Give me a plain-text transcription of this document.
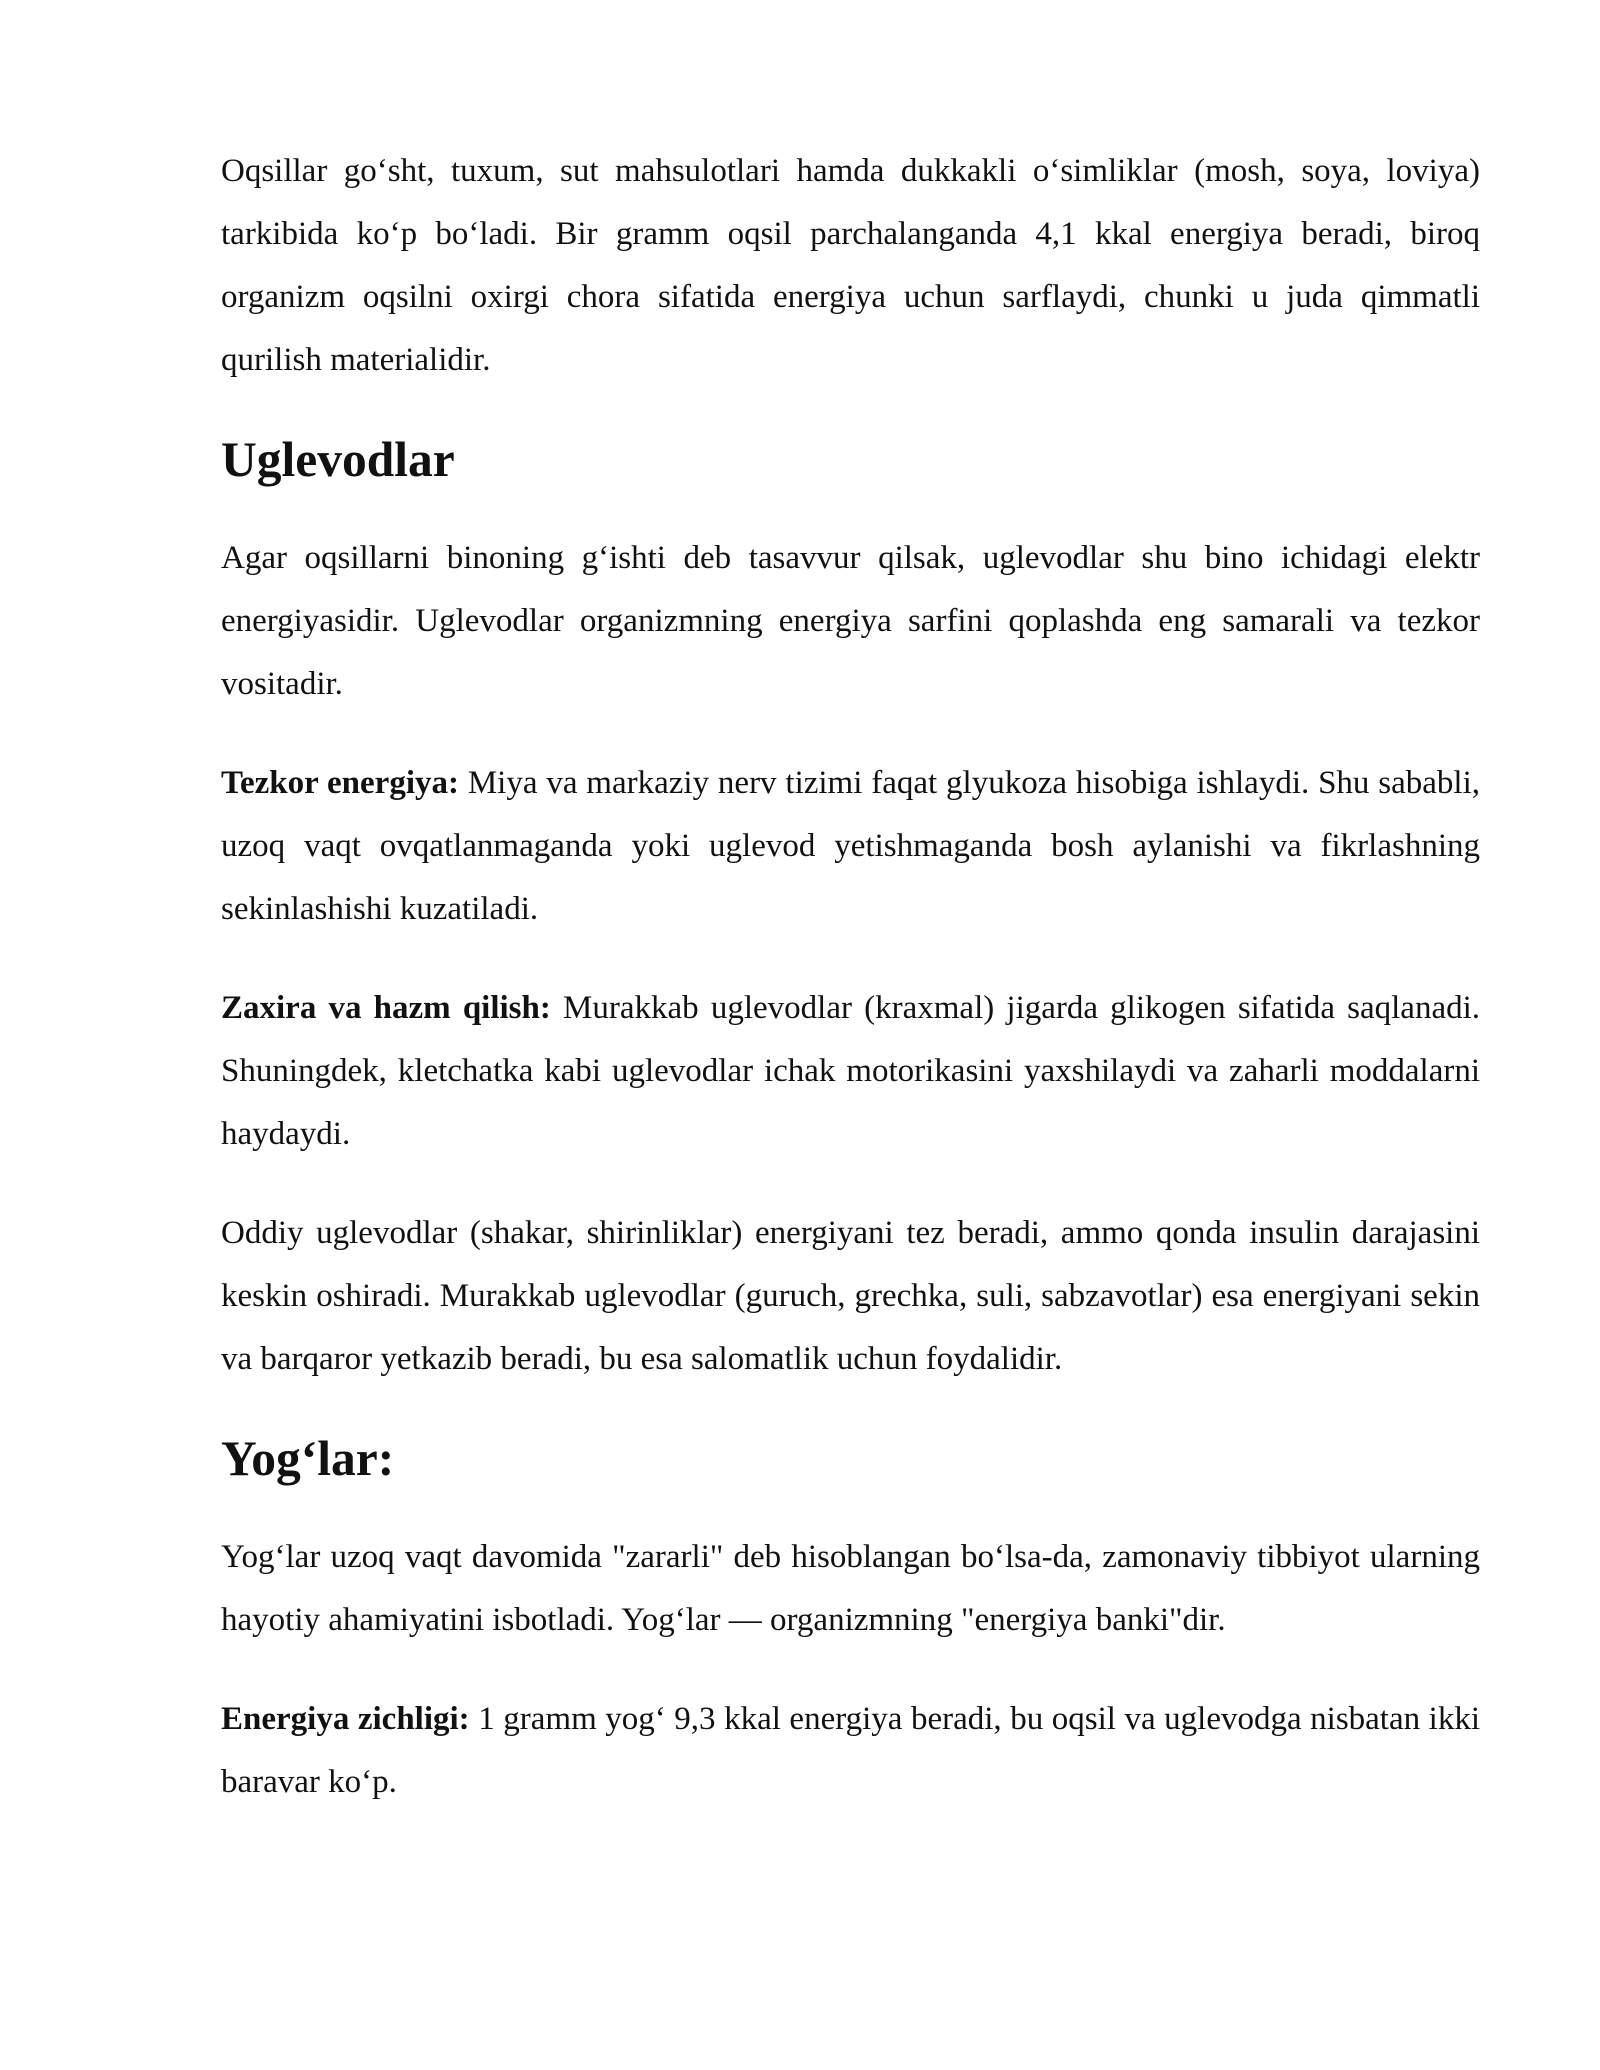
Oqsillar go‘sht, tuxum, sut mahsulotlari hamda dukkakli o‘simliklar (mosh, soya, loviya) tarkibida ko‘p bo‘ladi. Bir gramm oqsil parchalanganda 4,1 kkal energiya beradi, biroq organizm oqsilni oxirgi chora sifatida energiya uchun sarflaydi, chunki u juda qimmatli qurilish materialidir.

Uglevodlar

Agar oqsillarni binoning g‘ishti deb tasavvur qilsak, uglevodlar shu bino ichidagi elektr energiyasidir. Uglevodlar organizmning energiya sarfini qoplashda eng samarali va tezkor vositadir.

Tezkor energiya: Miya va markaziy nerv tizimi faqat glyukoza hisobiga ishlaydi. Shu sababli, uzoq vaqt ovqatlanmaganda yoki uglevod yetishmaganda bosh aylanishi va fikrlashning sekinlashishi kuzatiladi.

Zaxira va hazm qilish: Murakkab uglevodlar (kraxmal) jigarda glikogen sifatida saqlanadi. Shuningdek, kletchatka kabi uglevodlar ichak motorikasini yaxshilaydi va zaharli moddalarni haydaydi.

Oddiy uglevodlar (shakar, shirinliklar) energiyani tez beradi, ammo qonda insulin darajasini keskin oshiradi. Murakkab uglevodlar (guruch, grechka, suli, sabzavotlar) esa energiyani sekin va barqaror yetkazib beradi, bu esa salomatlik uchun foydalidir.

Yog‘lar:

Yog‘lar uzoq vaqt davomida "zararli" deb hisoblangan bo‘lsa-da, zamonaviy tibbiyot ularning hayotiy ahamiyatini isbotladi. Yog‘lar — organizmning "energiya banki"dir.

Energiya zichligi: 1 gramm yog‘ 9,3 kkal energiya beradi, bu oqsil va uglevodga nisbatan ikki baravar ko‘p.
